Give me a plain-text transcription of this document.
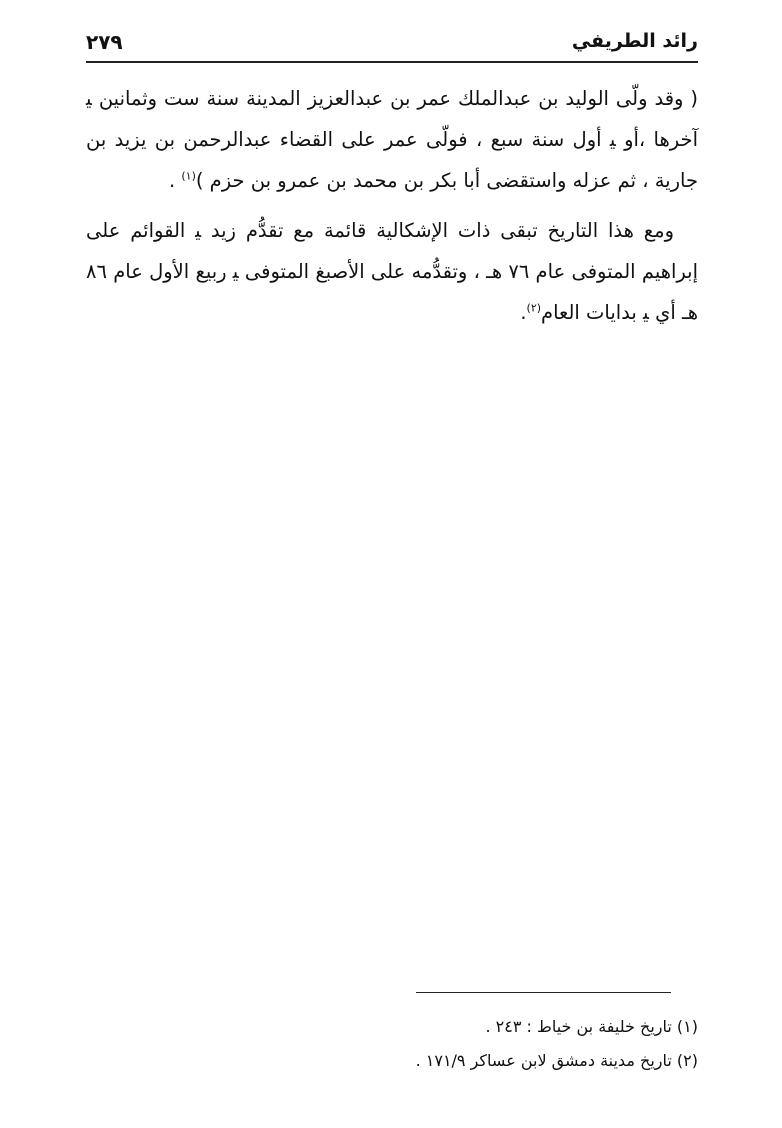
٢٧٩	رائد الطريفي

( وقد ولّى الوليد بن عبدالملك عمر بن عبدالعزيز المدينة سنة ست وثمانين ﯿ آخرها ،أو ﯿ أول سنة سبع ، فولّى عمر على القضاء عبدالرحمن بن يزيد بن جارية ، ثم عزله واستقضى أبا بكر بن محمد بن عمرو بن حزم )$^{(١)}$ .

ومع هذا التاريخ تبقى ذات الإشكالية قائمة مع تقدُّم زيد ﯿ القوائم على إبراهيم المتوفى عام ٧٦ هـ ، وتقدُّمه على الأصبغ المتوفى ﯿ ربيع الأول عام ٨٦ هـ أي ﯿ بدايات العام$^{(٢)}$.

(١) تاريخ خليفة بن خياط : ٢٤٣ .
(٢) تاريخ مدينة دمشق لابن عساكر ١٧١/٩ .
